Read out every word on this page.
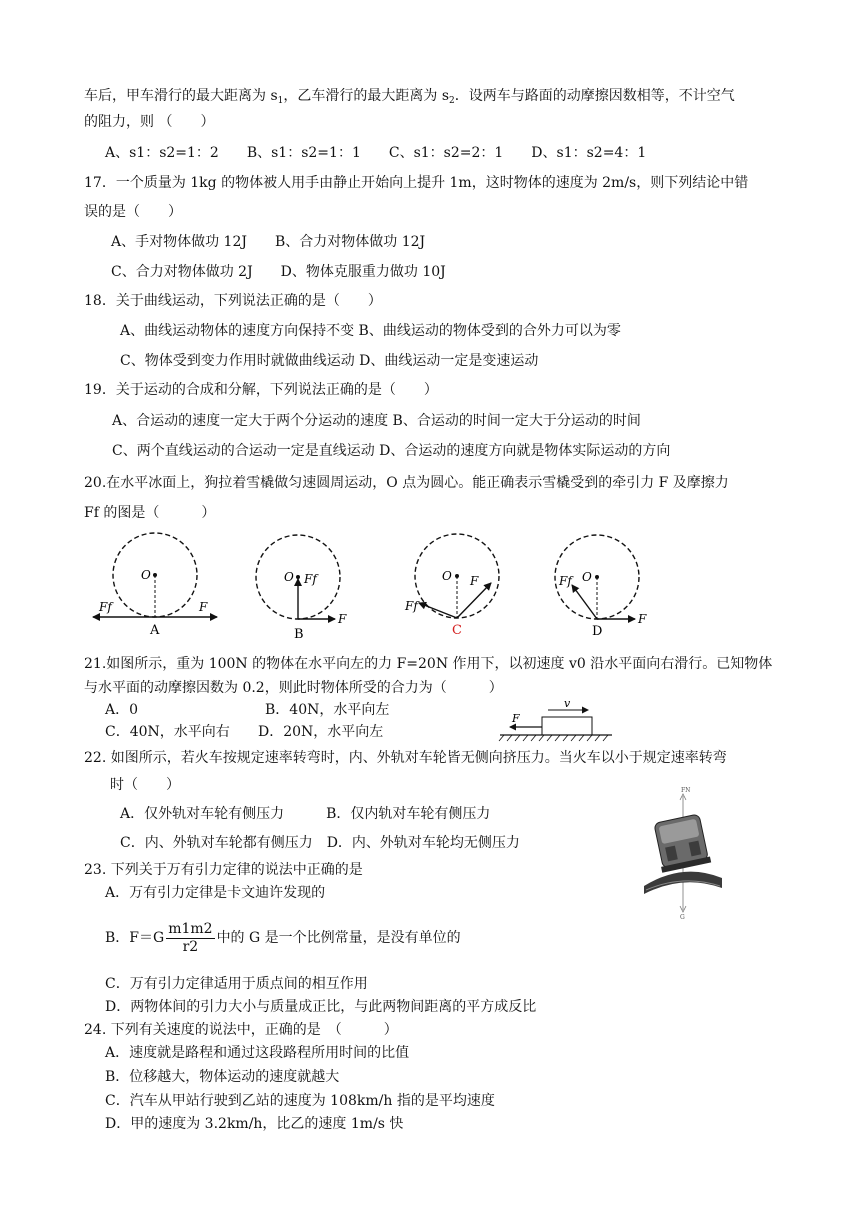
车后，甲车滑行的最大距离为 $s_1$，乙车滑行的最大距离为 $s_2$．设两车与路面的动摩擦因数相等，不计空气
的阻力，则 （　　）
A、s1：s2=1：2　　B、s1：s2=1：1　　C、s1：s2=2：1　　D、s1：s2=4：1
17．一个质量为 1kg 的物体被人用手由静止开始向上提升 1m，这时物体的速度为 2m/s，则下列结论中错
误的是（　　）
A、手对物体做功 12J　　B、合力对物体做功 12J
C、合力对物体做功 2J　　D、物体克服重力做功 10J
18．关于曲线运动，下列说法正确的是（　　）
A、曲线运动物体的速度方向保持不变 B、曲线运动的物体受到的合外力可以为零
C、物体受到变力作用时就做曲线运动 D、曲线运动一定是变速运动
19．关于运动的合成和分解，下列说法正确的是（　　）
A、合运动的速度一定大于两个分运动的速度 B、合运动的时间一定大于分运动的时间
C、两个直线运动的合运动一定是直线运动 D、合运动的速度方向就是物体实际运动的方向
20.在水平冰面上，狗拉着雪橇做匀速圆周运动，O 点为圆心。能正确表示雪橇受到的牵引力 F 及摩擦力
Ff 的图是（　　　）
O
Ff	F
A
O Ff
F
B
O F
Ff
C
O
Ff
F
D
21.如图所示，重为 100N 的物体在水平向左的力 F=20N 作用下，以初速度 v0 沿水平面向右滑行。已知物体
与水平面的动摩擦因数为 0.2，则此时物体所受的合力为（　　　）
A．0	B．40N，水平向左
C．40N，水平向右 D．20N，水平向左
F
v
22. 如图所示，若火车按规定速率转弯时，内、外轨对车轮皆无侧向挤压力。当火车以小于规定速率转弯
时（　　）
A．仅外轨对车轮有侧压力　　　B．仅内轨对车轮有侧压力
C．内、外轨对车轮都有侧压力　D．内、外轨对车轮均无侧压力
FN
G
23. 下列关于万有引力定律的说法中正确的是
A．万有引力定律是卡文迪许发现的
B．$F=G \frac{m1m2}{r2}$ 中的 G 是一个比例常量，是没有单位的
C．万有引力定律适用于质点间的相互作用
D．两物体间的引力大小与质量成正比，与此两物间距离的平方成反比
24. 下列有关速度的说法中，正确的是　（　　　）
A．速度就是路程和通过这段路程所用时间的比值
B．位移越大，物体运动的速度就越大
C．汽车从甲站行驶到乙站的速度为 108km/h 指的是平均速度
D．甲的速度为 3.2km/h，比乙的速度 1m/s 快
